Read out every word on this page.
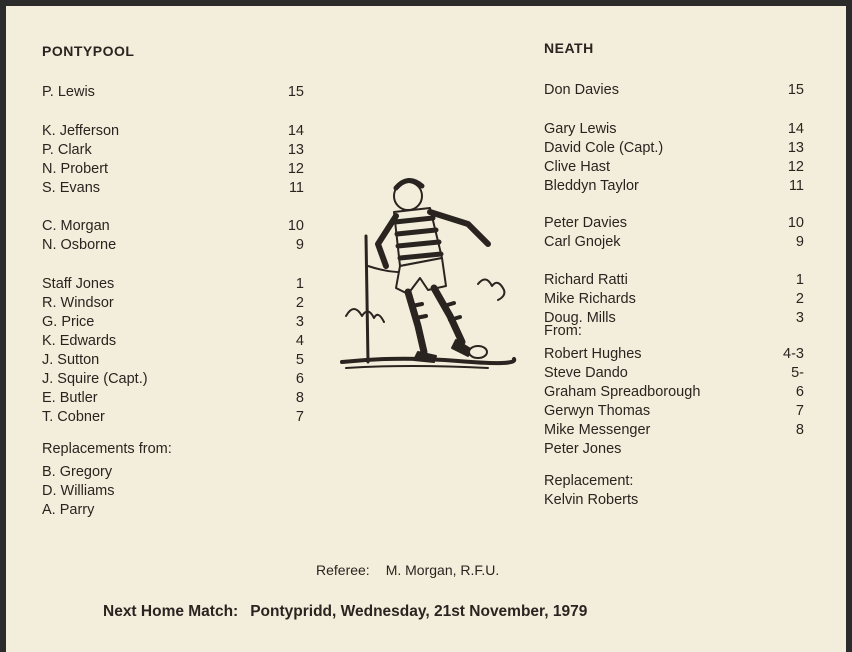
PONTYPOOL
P. Lewis	15
K. Jefferson	14
P. Clark	13
N. Probert	12
S. Evans	11
C. Morgan	10
N. Osborne	9
Staff Jones	1
R. Windsor	2
G. Price	3
K. Edwards	4
J. Sutton	5
J. Squire (Capt.)	6
E. Butler	8
T. Cobner	7
Replacements from:
B. Gregory
D. Williams
A. Parry
NEATH
Don Davies	15
Gary Lewis	14
David Cole (Capt.)	13
Clive Hast	12
Bleddyn Taylor	11
Peter Davies	10
Carl Gnojek	9
Richard Ratti	1
Mike Richards	2
Doug. Mills	3
From:
Robert Hughes	4-3
Steve Dando	5-
Graham Spreadborough	6
Gerwyn Thomas	7
Mike Messenger	8
Peter Jones
Replacement:
Kelvin Roberts
Referee: M. Morgan, R.F.U.
Next Home Match: Pontypridd, Wednesday, 21st November, 1979
